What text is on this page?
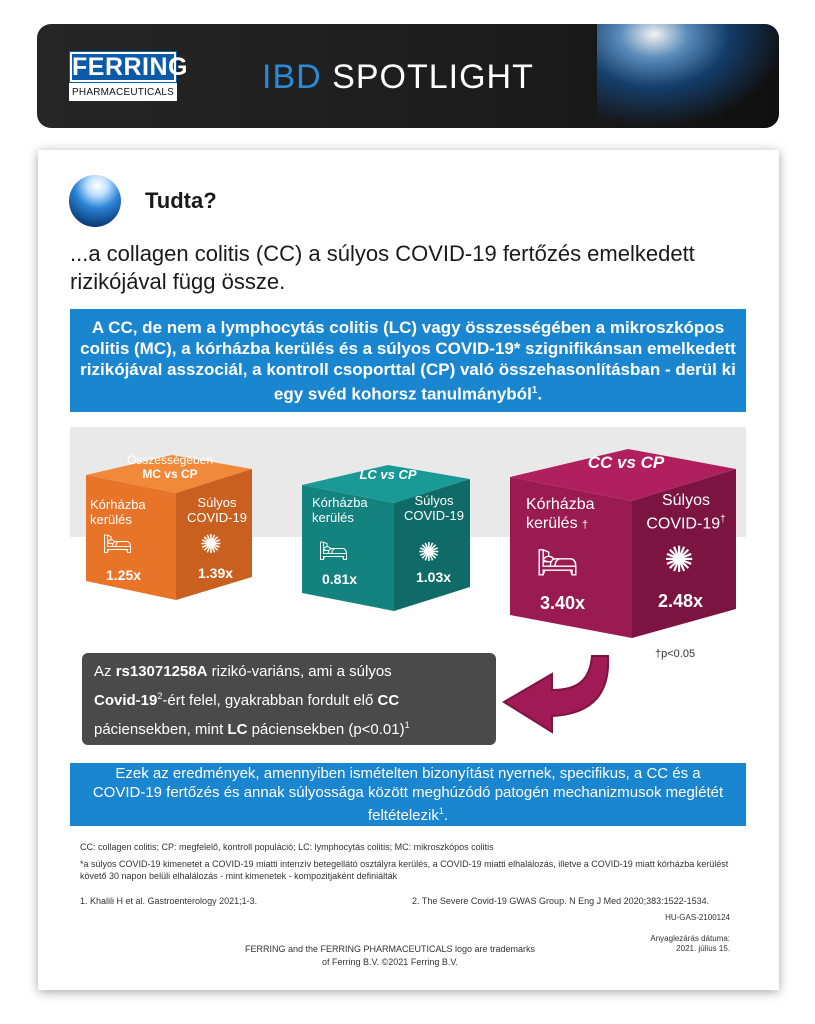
FERRING
PHARMACEUTICALS	IBD SPOTLIGHT
Tudta?
...a collagen colitis (CC) a súlyos COVID-19 fertőzés emelkedett rizikójával függ össze.
A CC, de nem a lymphocytás colitis (LC) vagy összességében a mikroszkópos colitis (MC), a kórházba kerülés és a súlyos COVID-19* szignifikánsan emelkedett rizikójával asszociál, a kontroll csoporttal (CP) való összehasonlításban - derül ki egy svéd kohorsz tanulmányból$^1$.
Összességében
MC vs CP
Kórházba kerülés
Súlyos COVID-19
🛏	✺
1.25x	1.39x
LC vs CP
Kórházba kerülés
Súlyos COVID-19
🛏	✺
0.81x	1.03x
CC vs CP
Kórházba kerülés †
Súlyos COVID-19†
🛏 ✺
3.40x	2.48x
†p<0.05
Az rs13071258A rizikó-variáns, ami a súlyos
Covid-$19^2$-ért felel, gyakrabban fordult elő CC
páciensekben, mint LC páciensekben (p<0.01)$^1$
Ezek az eredmények, amennyiben ismételten bizonyítást nyernek, specifikus, a CC és a COVID-19 fertőzés és annak súlyossága között meghúzódó patogén mechanizmusok meglétét feltételezik$^1$.
CC: collagen colitis; CP: megfelelő, kontroll populáció; LC: lymphocytás colitis; MC: mikroszkópos colitis
*a súlyos COVID-19 kimenetet a COVID-19 miatti intenzív betegellátó osztályra kerülés, a COVID-19 miatti elhalálozás, illetve a COVID-19 miatt kórházba kerülést követő 30 napon belüli elhalálozás - mint kimenetek - kompozitjaként definiálták
1. Khalili H et al. Gastroenterology 2021;1-3.	2. The Severe Covid-19 GWAS Group. N Eng J Med 2020;383:1522-1534.
HU-GAS-2100124
Anyaglezárás dátuma:
2021. július 15.
FERRING and the FERRING PHARMACEUTICALS logo are trademarks
of Ferring B.V. ©2021 Ferring B.V.
